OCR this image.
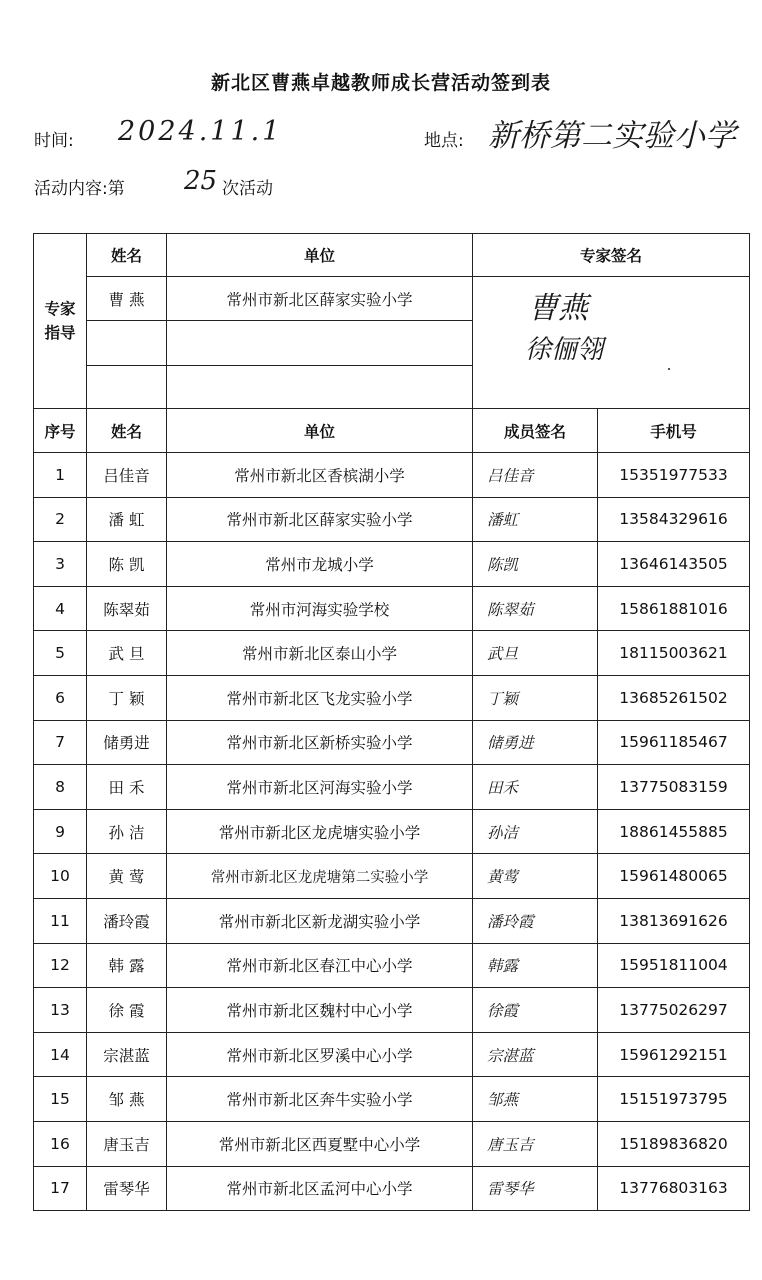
新北区曹燕卓越教师成长营活动签到表
时间: 2024.11.1	地点: 新桥第二实验小学
活动内容:第 25 次活动
专家指导	姓名	单位	专家签名	
	曹 燕	常州市新北区薛家实验小学	曹燕
徐俪翎	

序号	姓名	单位	成员签名	手机号
1	吕佳音	常州市新北区香槟湖小学	吕佳音	15351977533
2	潘 虹	常州市新北区薛家实验小学	潘虹	13584329616
3	陈 凯	常州市龙城小学	陈凯	13646143505
4	陈翠茹	常州市河海实验学校	陈翠茹	15861881016
5	武 旦	常州市新北区泰山小学	武旦	18115003621
6	丁 颖	常州市新北区飞龙实验小学	丁颖	13685261502
7	储勇进	常州市新北区新桥实验小学	储勇进	15961185467
8	田 禾	常州市新北区河海实验小学	田禾	13775083159
9	孙 洁	常州市新北区龙虎塘实验小学	孙洁	18861455885
10	黄 莺	常州市新北区龙虎塘第二实验小学	黄莺	15961480065
11	潘玲霞	常州市新北区新龙湖实验小学	潘玲霞	13813691626
12	韩 露	常州市新北区春江中心小学	韩露	15951811004
13	徐 霞	常州市新北区魏村中心小学	徐霞	13775026297
14	宗湛蓝	常州市新北区罗溪中心小学	宗湛蓝	15961292151
15	邹 燕	常州市新北区奔牛实验小学	邹燕	15151973795
16	唐玉吉	常州市新北区西夏墅中心小学	唐玉吉	15189836820
17	雷琴华	常州市新北区孟河中心小学	雷琴华	13776803163
